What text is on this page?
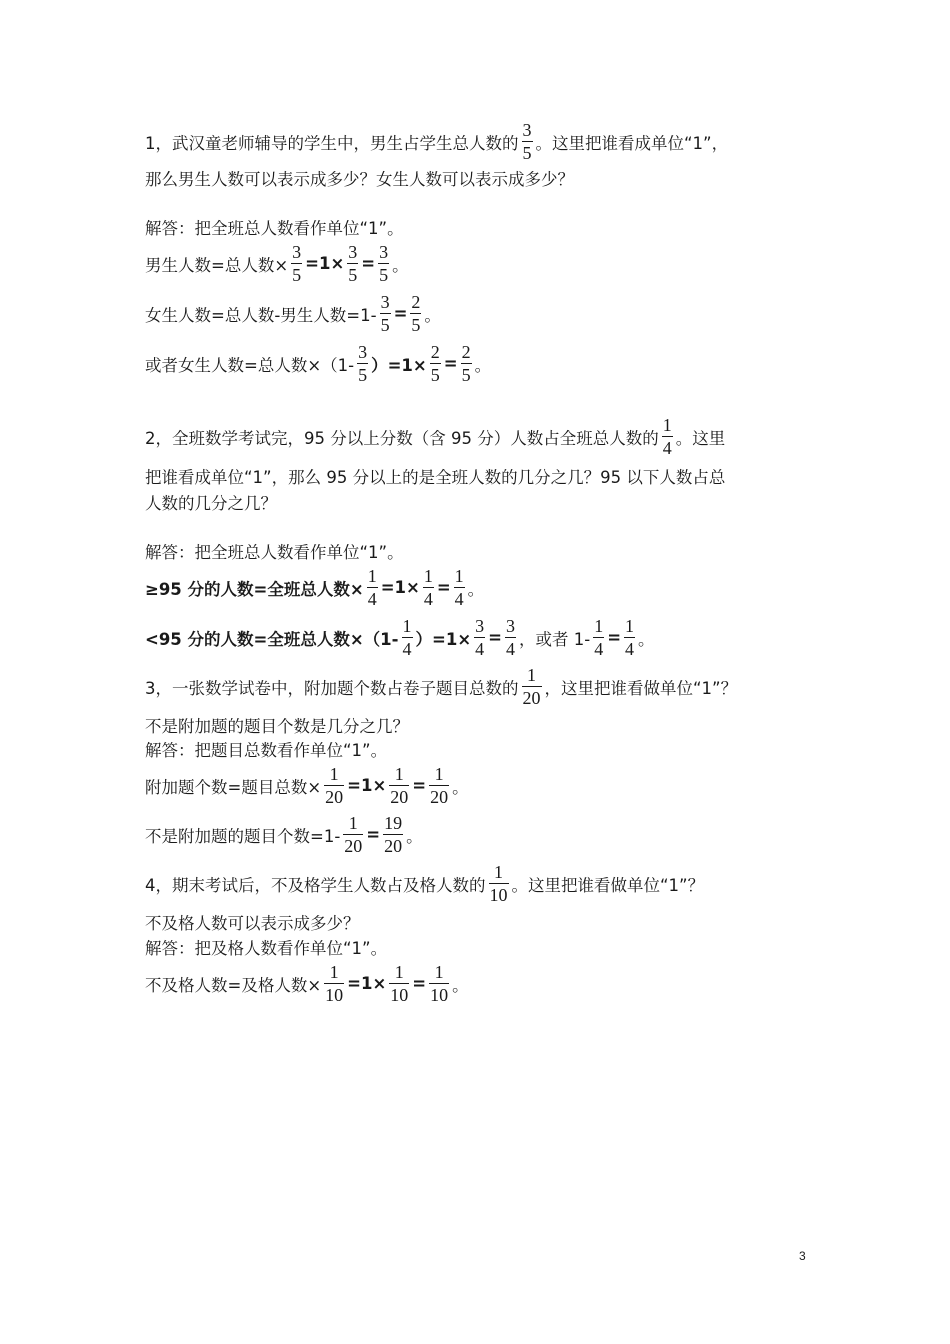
1，武汉童老师辅导的学生中，男生占学生总人数的 $\frac{3}{5}$ 。这里把谁看成单位“1”，
那么男生人数可以表示成多少？女生人数可以表示成多少？
解答：把全班总人数看作单位“1”。
男生人数=总人数× $\frac{3}{5} =1\times \frac{3}{5} = \frac{3}{5}$ 。
女生人数=总人数-男生人数$=1- \frac{3}{5} = \frac{2}{5}$ 。
或者女生人数=总人数$\times(1- \frac{3}{5} )=1\times \frac{2}{5} = \frac{2}{5}$ 。
2，全班数学考试完，95 分以上分数（含 95 分）人数占全班总人数的 $\frac{1}{4}$ 。这里
把谁看成单位“1”，那么 95 分以上的是全班人数的几分之几？95 以下人数占总
人数的几分之几？
解答：把全班总人数看作单位“1”。
≥95 分的人数=全班总人数× $\frac{1}{4} =1\times \frac{1}{4} = \frac{1}{4}$ 。
<95 分的人数=全班总人数$\times(1- \frac{1}{4} )=1\times \frac{3}{4} = \frac{3}{4}$ ，或者 $1- \frac{1}{4} = \frac{1}{4}$ 。
3，一张数学试卷中，附加题个数占卷子题目总数的 $\frac{1}{20}$ ，这里把谁看做单位“1”？
不是附加题的题目个数是几分之几？
解答：把题目总数看作单位“1”。
附加题个数=题目总数× $\frac{1}{20} =1\times \frac{1}{20} = \frac{1}{20}$ 。
不是附加题的题目个数$=1- \frac{1}{20} = \frac{19}{20}$ 。
4，期末考试后，不及格学生人数占及格人数的 $\frac{1}{10}$ 。这里把谁看做单位“1”？
不及格人数可以表示成多少？
解答：把及格人数看作单位“1”。
不及格人数=及格人数× $\frac{1}{10} =1\times \frac{1}{10} = \frac{1}{10}$ 。
3
